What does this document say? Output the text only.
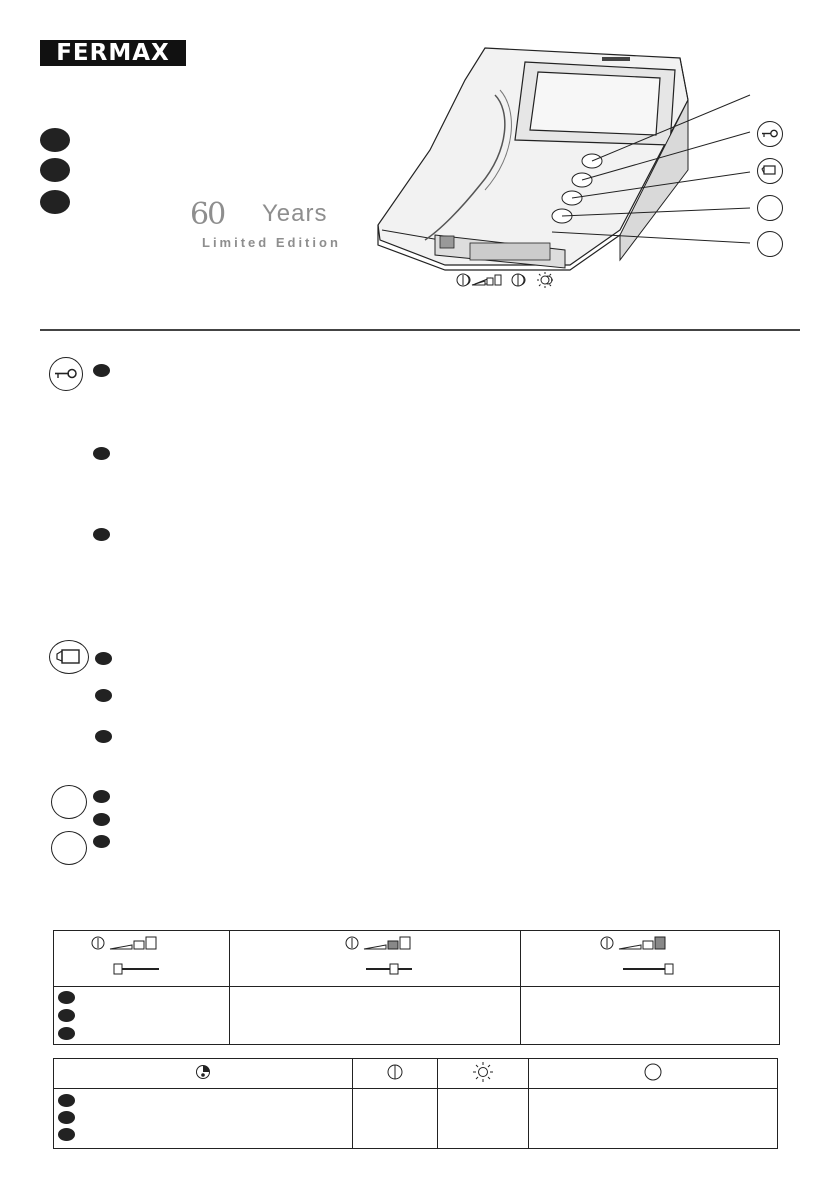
FERMAX
60 Years
Limited Edition
